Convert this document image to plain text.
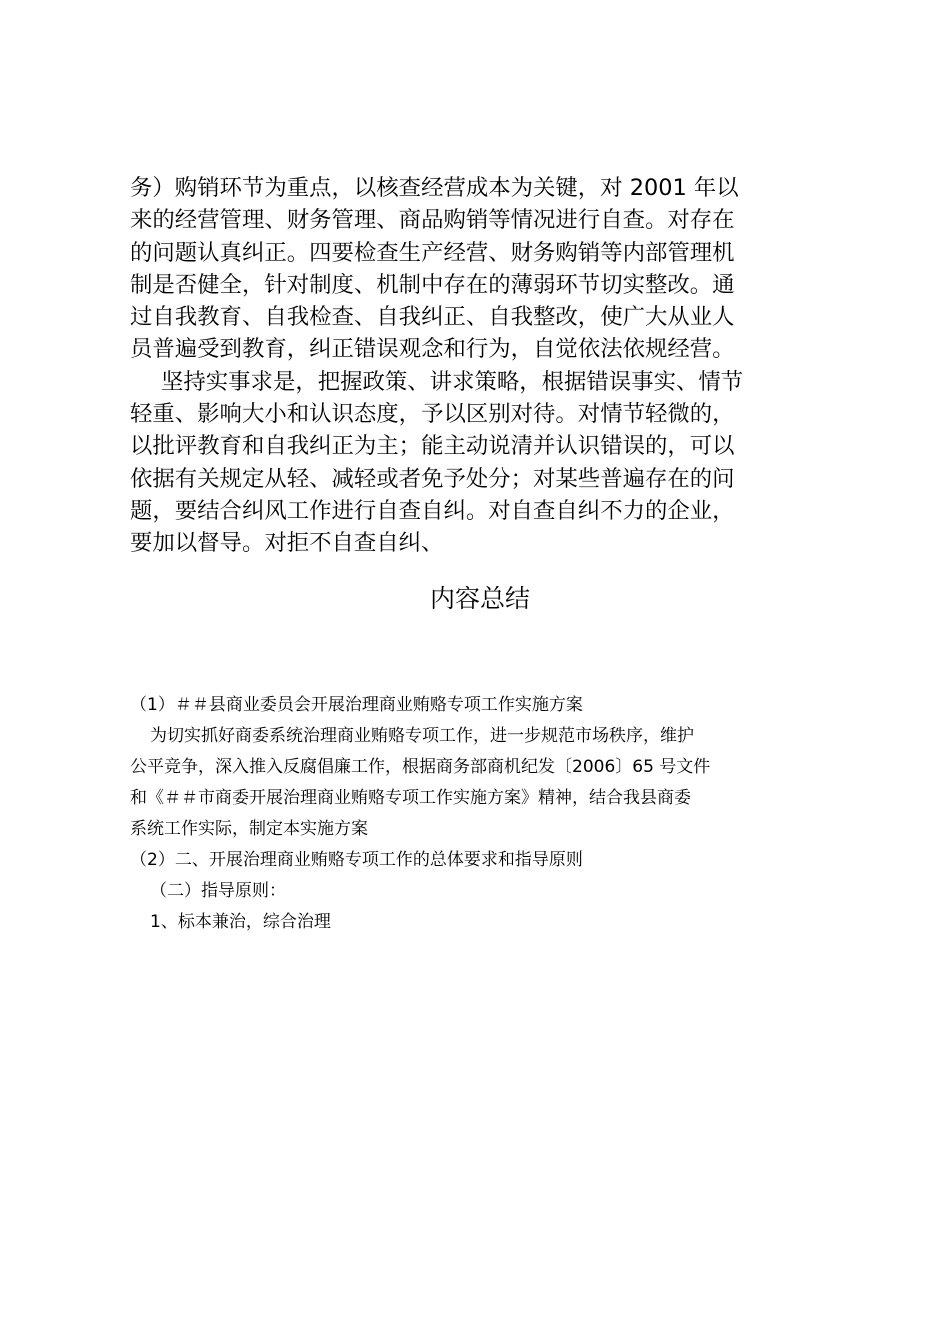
务）购销环节为重点，以核查经营成本为关键，对 2001 年以
来的经营管理、财务管理、商品购销等情况进行自查。对存在
的问题认真纠正。四要检查生产经营、财务购销等内部管理机
制是否健全，针对制度、机制中存在的薄弱环节切实整改。通
过自我教育、自我检查、自我纠正、自我整改，使广大从业人
员普遍受到教育，纠正错误观念和行为，自觉依法依规经营。

坚持实事求是，把握政策、讲求策略，根据错误事实、情节
轻重、影响大小和认识态度，予以区别对待。对情节轻微的，
以批评教育和自我纠正为主；能主动说清并认识错误的，可以
依据有关规定从轻、减轻或者免予处分；对某些普遍存在的问
题，要结合纠风工作进行自查自纠。对自查自纠不力的企业，
要加以督导。对拒不自查自纠、

内容总结

（1）＃＃县商业委员会开展治理商业贿赂专项工作实施方案

为切实抓好商委系统治理商业贿赂专项工作，进一步规范市场秩序，维护

公平竞争，深入推入反腐倡廉工作，根据商务部商机纪发〔2006〕65 号文件

和《＃＃市商委开展治理商业贿赂专项工作实施方案》精神，结合我县商委

系统工作实际，制定本实施方案

（2）二、开展治理商业贿赂专项工作的总体要求和指导原则

（二）指导原则：

1、标本兼治，综合治理
